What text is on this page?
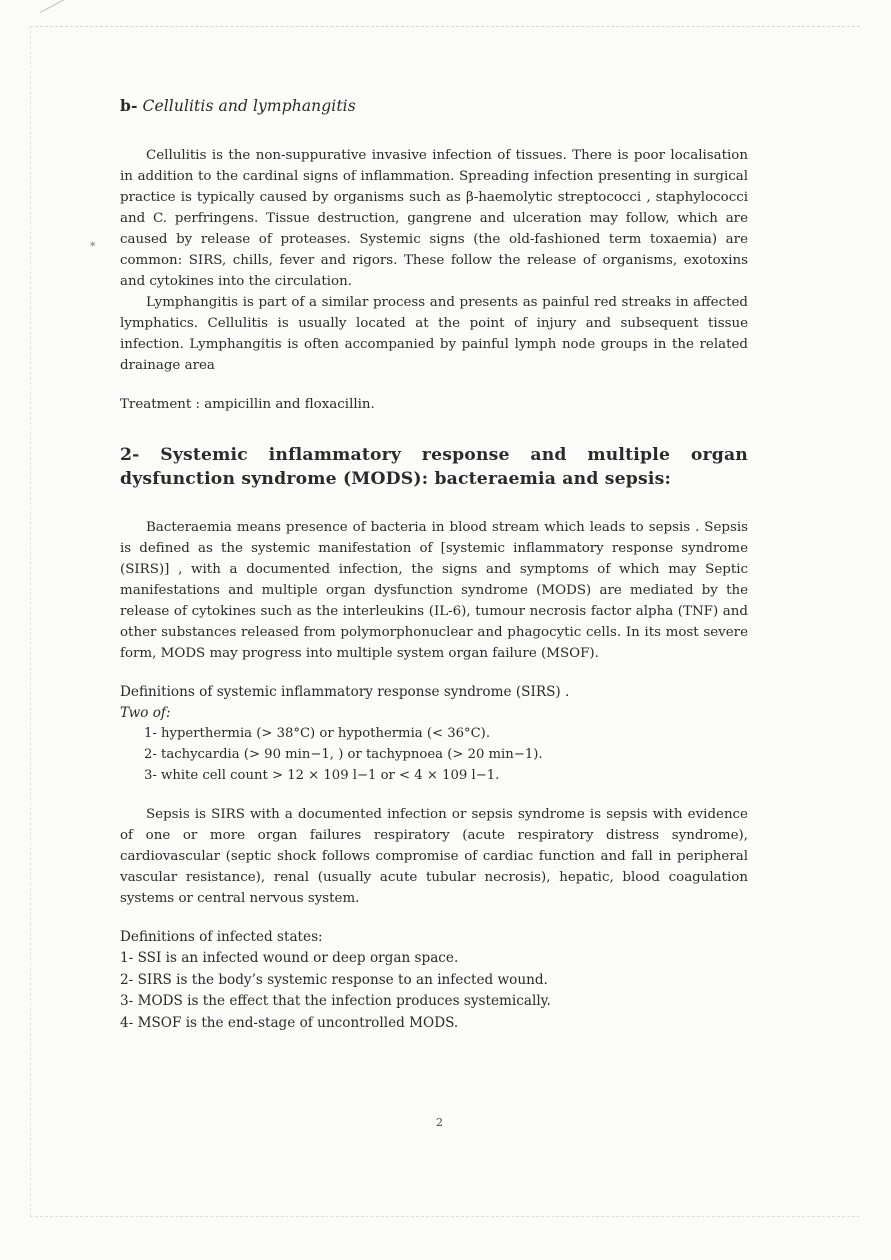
*
b- Cellulitis and lymphangitis

Cellulitis is the non-suppurative invasive infection of tissues. There is poor localisation in addition to the cardinal signs of inflammation. Spreading infection presenting in surgical practice is typically caused by organisms such as β-haemolytic streptococci , staphylococci and C. perfringens. Tissue destruction, gangrene and ulceration may follow, which are caused by release of proteases. Systemic signs (the old-fashioned term toxaemia) are common: SIRS, chills, fever and rigors. These follow the release of organisms, exotoxins and cytokines into the circulation.

Lymphangitis is part of a similar process and presents as painful red streaks in affected lymphatics. Cellulitis is usually located at the point of injury and subsequent tissue infection. Lymphangitis is often accompanied by painful lymph node groups in the related drainage area

Treatment : ampicillin and floxacillin.

2- Systemic inflammatory response and multiple organ dysfunction syndrome (MODS): bacteraemia and sepsis:

Bacteraemia means presence of bacteria in blood stream which leads to sepsis . Sepsis is defined as the systemic manifestation of [systemic inflammatory response syndrome (SIRS)] , with a documented infection, the signs and symptoms of which may Septic manifestations and multiple organ dysfunction syndrome (MODS) are mediated by the release of cytokines such as the interleukins (IL-6), tumour necrosis factor alpha (TNF) and other substances released from polymorphonuclear and phagocytic cells. In its most severe form, MODS may progress into multiple system organ failure (MSOF).

Definitions of systemic inflammatory response syndrome (SIRS) .
Two of:
1- hyperthermia (> 38°C) or hypothermia (< 36°C).
2- tachycardia (> 90 min−1, ) or tachypnoea (> 20 min−1).
3- white cell count > 12 × 109 l−1 or < 4 × 109 l−1.

Sepsis is SIRS with a documented infection or sepsis syndrome is sepsis with evidence of one or more organ failures respiratory (acute respiratory distress syndrome), cardiovascular (septic shock follows compromise of cardiac function and fall in peripheral vascular resistance), renal (usually acute tubular necrosis), hepatic, blood coagulation systems or central nervous system.

Definitions of infected states:
1- SSI is an infected wound or deep organ space.
2- SIRS is the body’s systemic response to an infected wound.
3- MODS is the effect that the infection produces systemically.
4- MSOF is the end-stage of uncontrolled MODS.
2
